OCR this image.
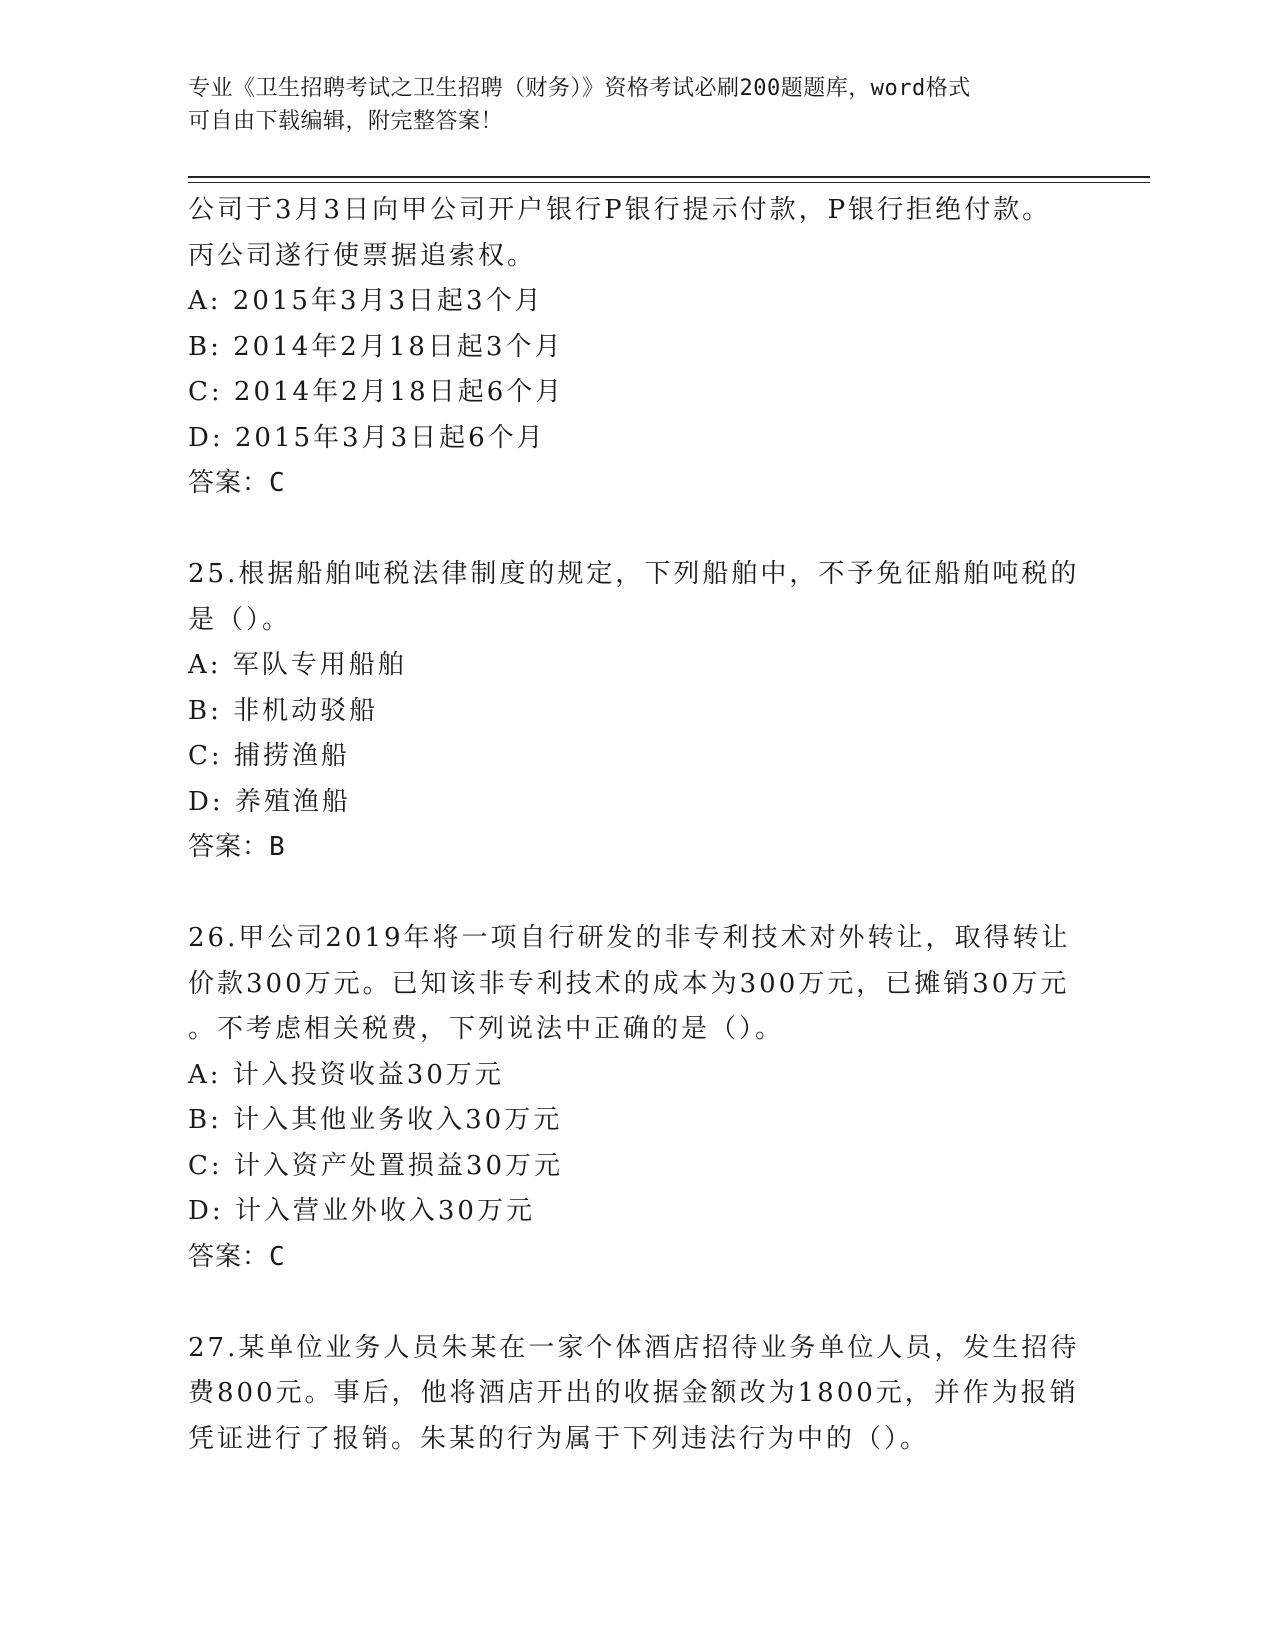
专业《卫生招聘考试之卫生招聘（财务）》资格考试必刷200题题库，word格式
可自由下载编辑，附完整答案！
公司于3月3日向甲公司开户银行P银行提示付款，P银行拒绝付款。
丙公司遂行使票据追索权。
A: 2015年3月3日起3个月
B: 2014年2月18日起3个月
C: 2014年2月18日起6个月
D: 2015年3月3日起6个月
答案：C
25.根据船舶吨税法律制度的规定，下列船舶中，不予免征船舶吨税的
是（）。
A: 军队专用船舶
B: 非机动驳船
C: 捕捞渔船
D: 养殖渔船
答案：B
26.甲公司2019年将一项自行研发的非专利技术对外转让，取得转让
价款300万元。已知该非专利技术的成本为300万元，已摊销30万元
。不考虑相关税费，下列说法中正确的是（）。
A: 计入投资收益30万元
B: 计入其他业务收入30万元
C: 计入资产处置损益30万元
D: 计入营业外收入30万元
答案：C
27.某单位业务人员朱某在一家个体酒店招待业务单位人员，发生招待
费800元。事后，他将酒店开出的收据金额改为1800元，并作为报销
凭证进行了报销。朱某的行为属于下列违法行为中的（）。
